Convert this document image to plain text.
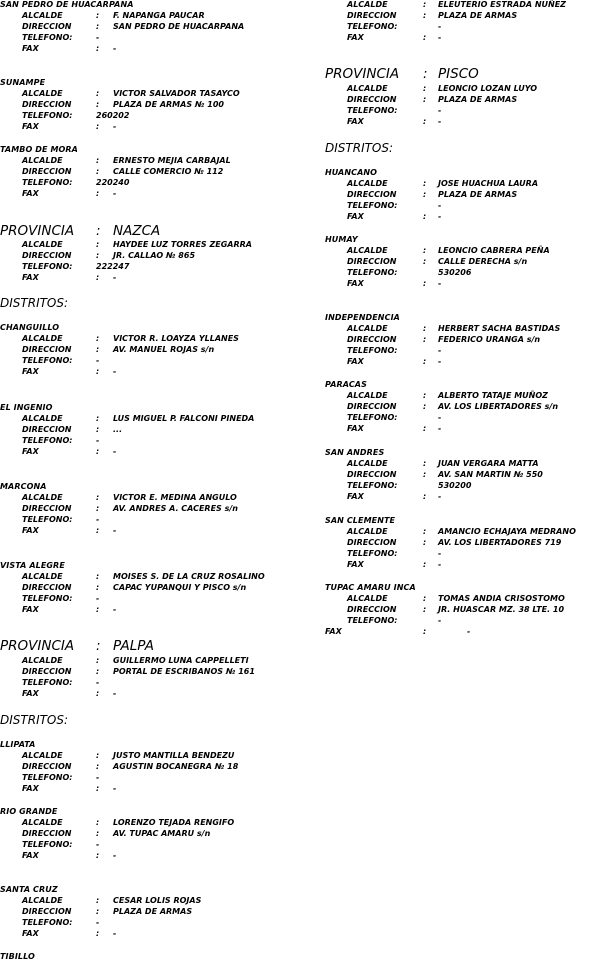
SAN PEDRO DE HUACARPANA
ALCALDE	: F. NAPANGA PAUCAR
DIRECCION	: SAN PEDRO DE HUACARPANA
TELEFONO:	-
FAX	: -
SUNAMPE
ALCALDE	: VICTOR SALVADOR TASAYCO
DIRECCION	: PLAZA DE ARMAS № 100
TELEFONO:	260202
FAX	: -
TAMBO DE MORA
ALCALDE	: ERNESTO MEJIA CARBAJAL
DIRECCION	: CALLE COMERCIO № 112
TELEFONO:	220240
FAX	: -
PROVINCIA : NAZCA
ALCALDE	: HAYDEE LUZ TORRES ZEGARRA
DIRECCION	: JR. CALLAO № 865
TELEFONO:	222247
FAX	: -
DISTRITOS:
CHANGUILLO
ALCALDE	: VICTOR R. LOAYZA YLLANES
DIRECCION	: AV. MANUEL ROJAS s/n
TELEFONO:	-
FAX	: -
EL INGENIO
ALCALDE	: LUS MIGUEL P. FALCONI PINEDA
DIRECCION	: ...
TELEFONO:	-
FAX	: -
MARCONA
ALCALDE	: VICTOR E. MEDINA ANGULO
DIRECCION	: AV. ANDRES A. CACERES s/n
TELEFONO:	-
FAX	: -
VISTA ALEGRE
ALCALDE	: MOISES S. DE LA CRUZ ROSALINO
DIRECCION	: CAPAC YUPANQUI Y PISCO s/n
TELEFONO:	-
FAX	: -
PROVINCIA : PALPA
ALCALDE	: GUILLERMO LUNA CAPPELLETI
DIRECCION	: PORTAL DE ESCRIBANOS № 161
TELEFONO:	-
FAX	: -
DISTRITOS:
LLIPATA
ALCALDE	: JUSTO MANTILLA BENDEZU
DIRECCION	: AGUSTIN BOCANEGRA № 18
TELEFONO:	-
FAX	: -
RIO GRANDE
ALCALDE	: LORENZO TEJADA RENGIFO
DIRECCION	: AV. TUPAC AMARU s/n
TELEFONO:	-
FAX	: -
SANTA CRUZ
ALCALDE	: CESAR LOLIS ROJAS
DIRECCION	: PLAZA DE ARMAS
TELEFONO:	-
FAX	: -
TIBILLO
ALCALDE	: ELEUTERIO ESTRADA NUÑEZ
DIRECCION	: PLAZA DE ARMAS
TELEFONO:	-
FAX	: -
PROVINCIA : PISCO
ALCALDE	: LEONCIO LOZAN LUYO
DIRECCION	: PLAZA DE ARMAS
TELEFONO:	-
FAX	: -
DISTRITOS:
HUANCANO
ALCALDE	: JOSE HUACHUA LAURA
DIRECCION	: PLAZA DE ARMAS
TELEFONO:	-
FAX	: -
HUMAY
ALCALDE	: LEONCIO CABRERA PEÑA
DIRECCION	: CALLE DERECHA s/n
TELEFONO:	530206
FAX	: -
INDEPENDENCIA
ALCALDE	: HERBERT SACHA BASTIDAS
DIRECCION	: FEDERICO URANGA s/n
TELEFONO:	-
FAX	: -
PARACAS
ALCALDE	: ALBERTO TATAJE MUÑOZ
DIRECCION	: AV. LOS LIBERTADORES s/n
TELEFONO:	-
FAX	: -
SAN ANDRES
ALCALDE	: JUAN VERGARA MATTA
DIRECCION	: AV. SAN MARTIN № 550
TELEFONO:	530200
FAX	: -
SAN CLEMENTE
ALCALDE	: AMANCIO ECHAJAYA MEDRANO
DIRECCION	: AV. LOS LIBERTADORES 719
TELEFONO:	-
FAX	: -
TUPAC AMARU INCA
ALCALDE	: TOMAS ANDIA CRISOSTOMO
DIRECCION	: JR. HUASCAR MZ. 38 LTE. 10
TELEFONO:	-
FAX	:	-
